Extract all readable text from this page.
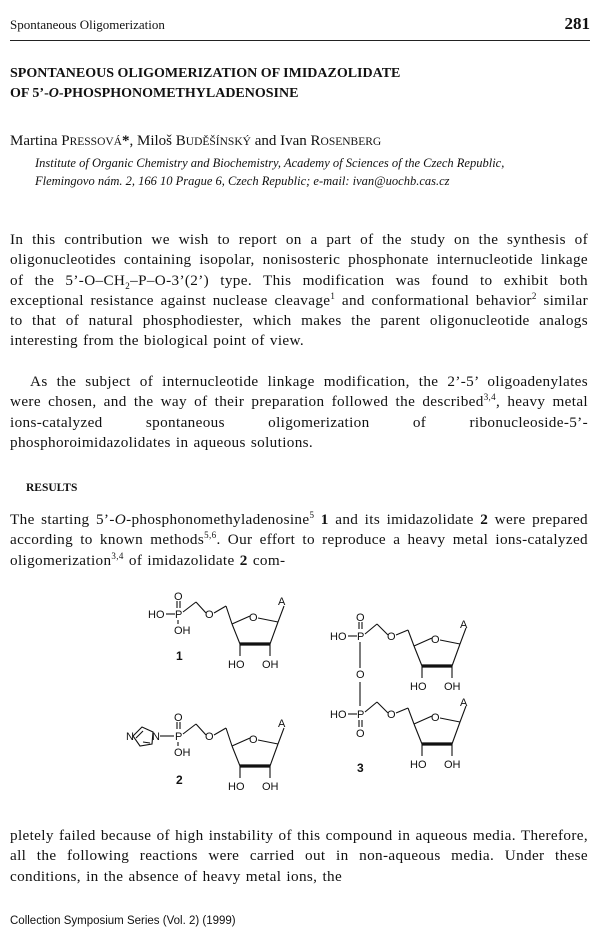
Spontaneous Oligomerization	281
SPONTANEOUS OLIGOMERIZATION OF IMIDAZOLIDATE
OF 5’-O-PHOSPHONOMETHYLADENOSINE
Martina PRESSOVÁ*, Miloš BUDĚŠÍNSKÝ and Ivan ROSENBERG
Institute of Organic Chemistry and Biochemistry, Academy of Sciences of the Czech Republic,
Flemingovo nám. 2, 166 10 Prague 6, Czech Republic; e-mail: ivan@uochb.cas.cz

In this contribution we wish to report on a part of the study on the synthesis of oligonucleotides containing isopolar, nonisosteric phosphonate internucleotide linkage of the $5’-O-CH_2-P-O-3’(2’)$ type. This modification was found to exhibit both exceptional resistance against nuclease cleavage$^1$ and conformational behavior$^2$ similar to that of natural phosphodiester, which makes the parent oligonucleotide analogs interesting from the biological point of view.

As the subject of internucleotide linkage modification, the 2’-5’ oligoadenylates were chosen, and the way of their preparation followed the described$^{3,4}$, heavy metal ions-catalyzed spontaneous oligomerization of ribonucleoside-5’-phosphoroimidazolidates in aqueous solutions.

RESULTS

The starting 5’-O-phosphonomethyladenosine$^5$ 1 and its imidazolidate 2 were prepared according to known methods$^{5,6}$. Our effort to reproduce a heavy metal ions-catalyzed oligomerization$^{3,4}$ of imidazolidate 2 com-

HO P
O
OH
O	O
A
HO OH
1
N N P
O
OH
O	O
A
HO OH
2
HO P
O
O	O
A
HO OH
O
HO P
O
O	O
A
HO OH
3

pletely failed because of high instability of this compound in aqueous media. Therefore, all the following reactions were carried out in non-aqueous media. Under these conditions, in the absence of heavy metal ions, the

Collection Symposium Series (Vol. 2) (1999)
